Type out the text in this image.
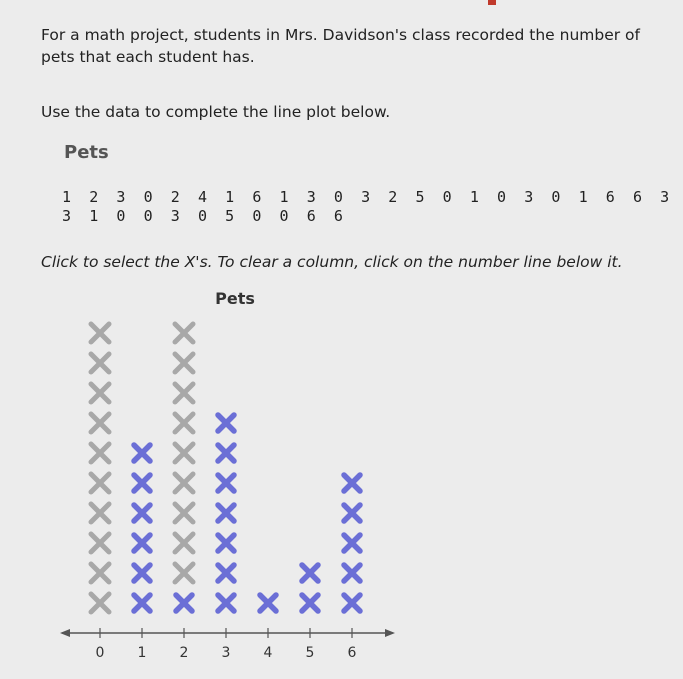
For a math project, students in Mrs. Davidson's class recorded the number of pets that each student has.
Use the data to complete the line plot below.
Pets
1	2	3	0	2	4	1	6	1	3	0	3	2	5	0	1	0	3	0	1	6	6	3
3	1	0	0	3	0	5	0	0	6	6
Click to select the X's. To clear a column, click on the number line below it.
Pets
0 1 2 3 4 5 6
